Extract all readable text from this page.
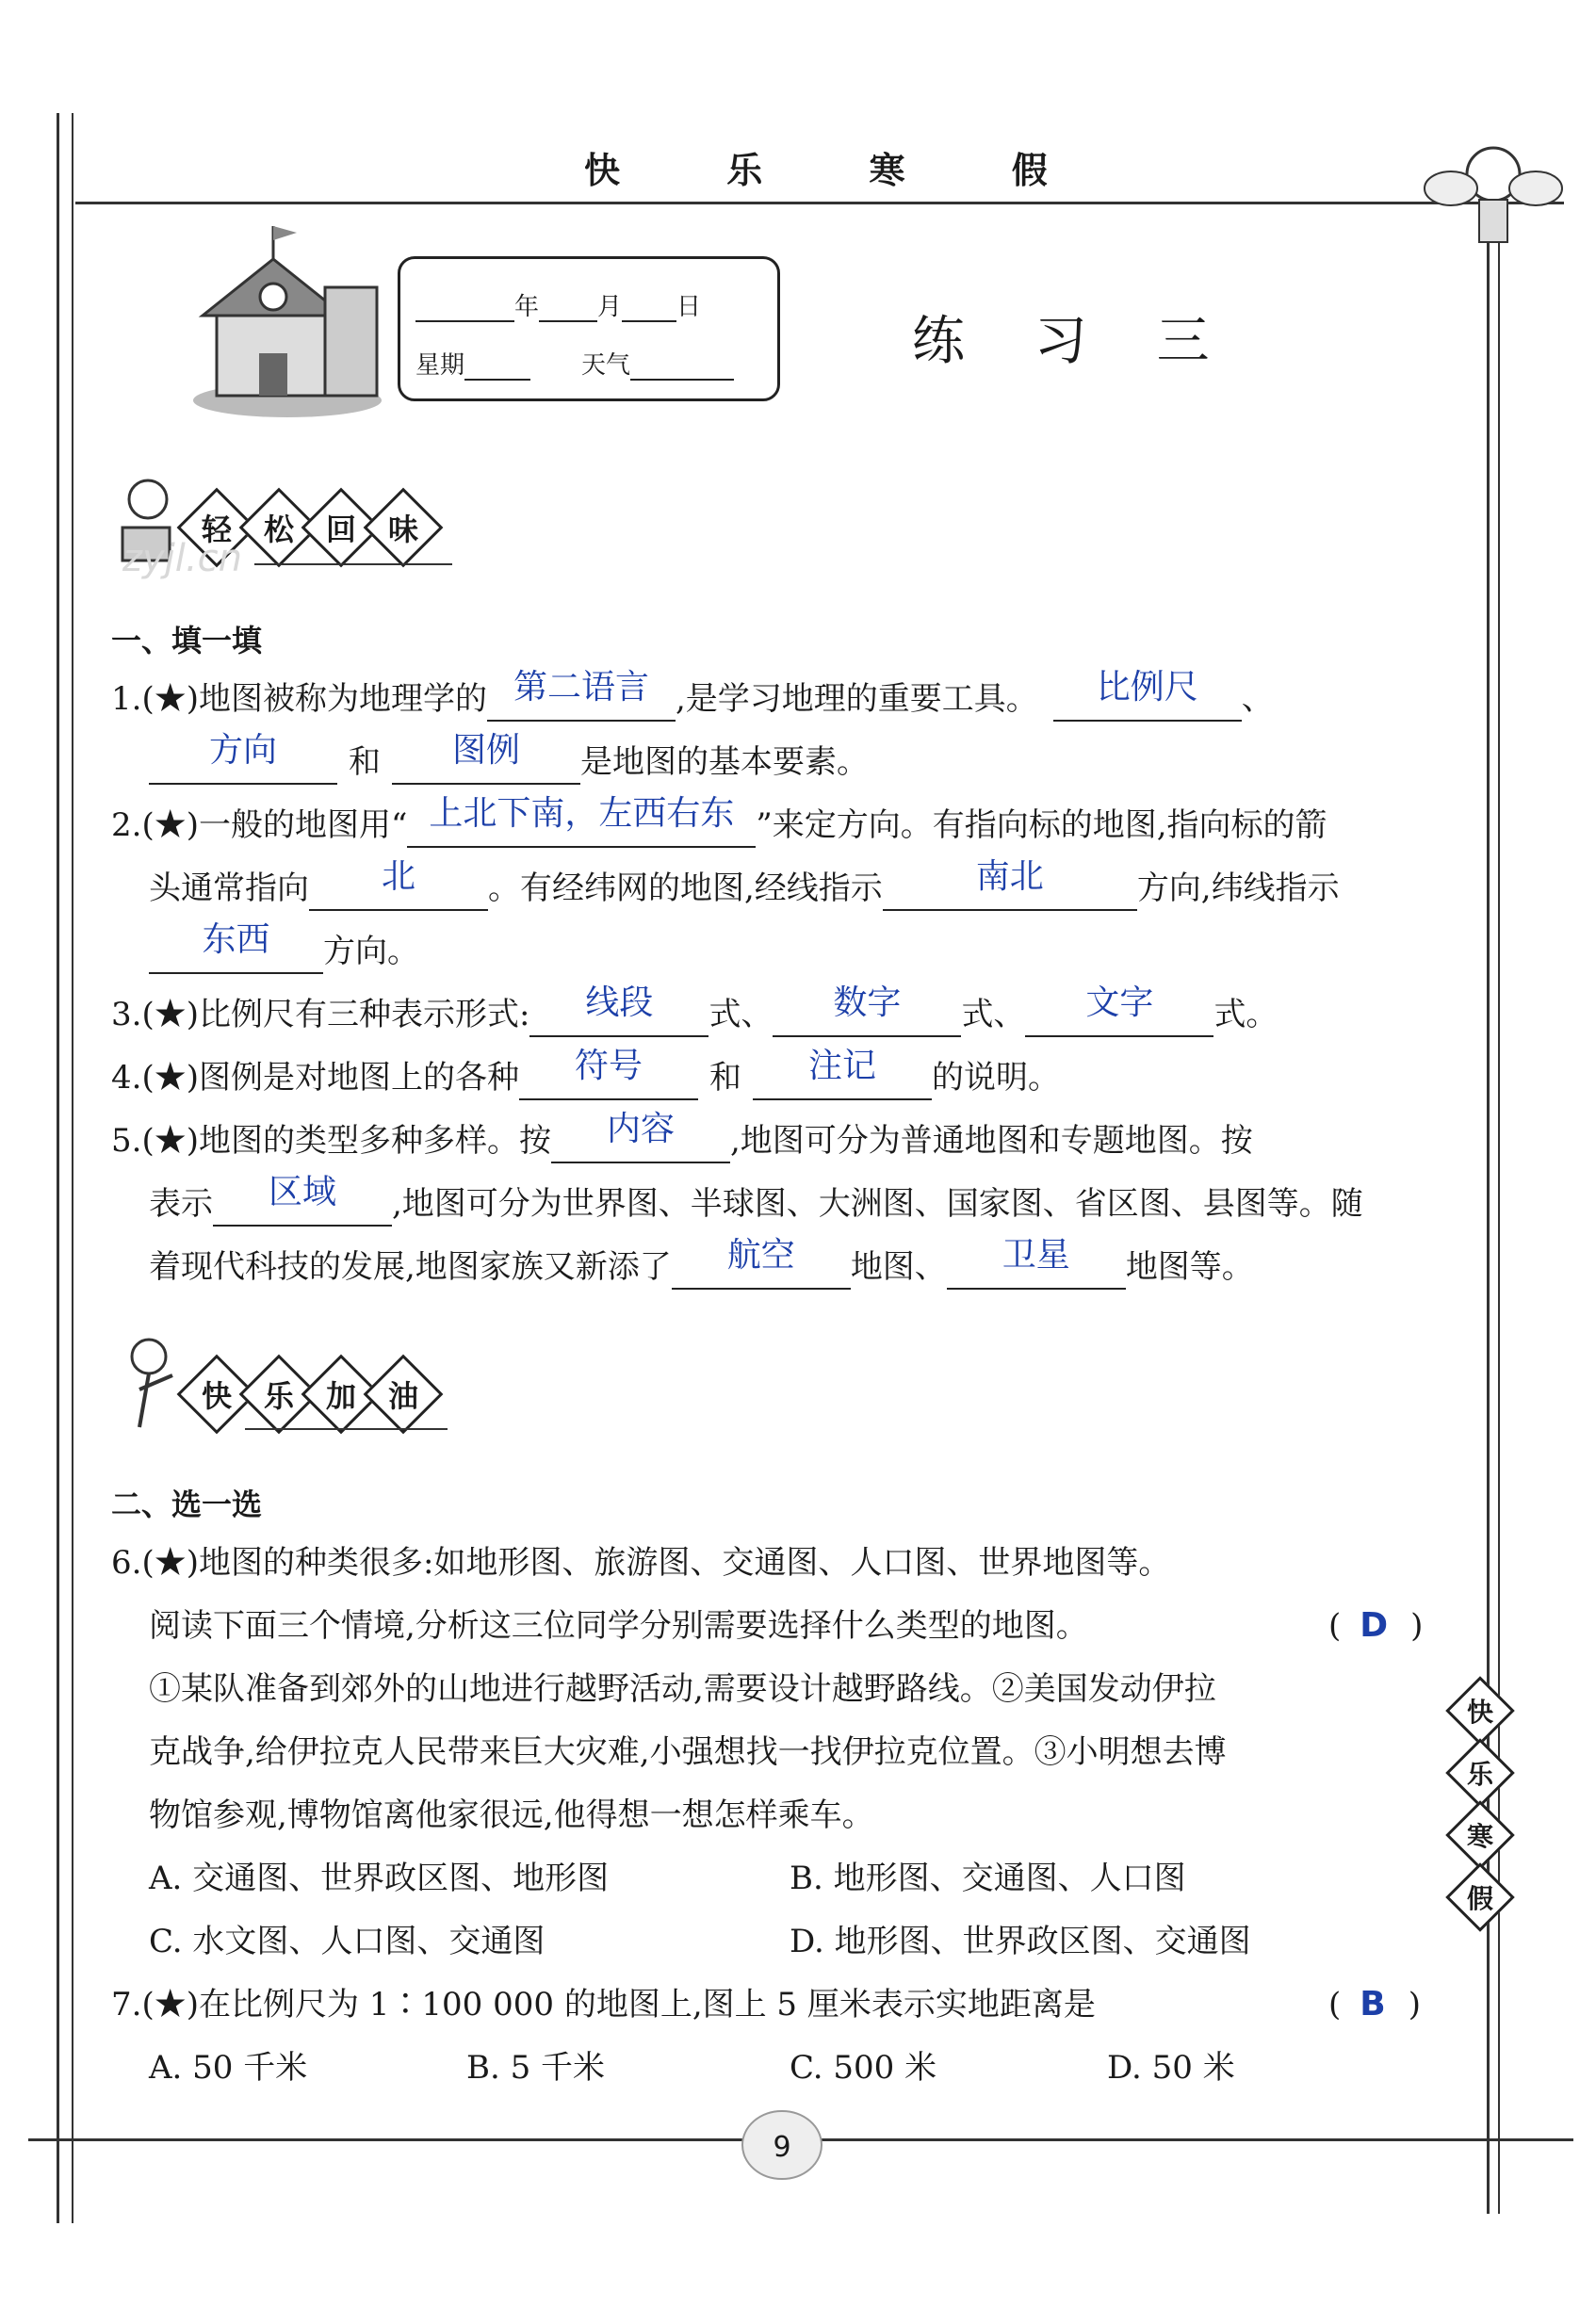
快 乐 寒 假
年 月 日
星期	天气	练 习 三
轻 松 回 味
zyjl.cn
一、填一填
1.(★)地图被称为地理学的 第二语言 ,是学习地理的重要工具。 比例尺 、
方向 和 图例 是地图的基本要素。
2.(★)一般的地图用“ 上北下南，左西右东 ”来定方向。有指向标的地图,指向标的箭
头通常指向 北 。有经纬网的地图,经线指示	南北	方向,纬线指示
东西 方向。
3.(★)比例尺有三种表示形式: 线段 式、 数字 式、 文字 式。
4.(★)图例是对地图上的各种 符号 和 注记 的说明。
5.(★)地图的类型多种多样。按 内容 ,地图可分为普通地图和专题地图。按
表示 区域 ,地图可分为世界图、半球图、大洲图、国家图、省区图、县图等。随
着现代科技的发展,地图家族又新添了 航空 地图、 卫星 地图等。
快 乐 加 油
二、选一选
6.(★)地图的种类很多:如地形图、旅游图、交通图、人口图、世界地图等。
阅读下面三个情境,分析这三位同学分别需要选择什么类型的地图。	( D )
①某队准备到郊外的山地进行越野活动,需要设计越野路线。②美国发动伊拉
克战争,给伊拉克人民带来巨大灾难,小强想找一找伊拉克位置。③小明想去博
物馆参观,博物馆离他家很远,他得想一想怎样乘车。
A. 交通图、世界政区图、地形图	B. 地形图、交通图、人口图
C. 水文图、人口图、交通图	D. 地形图、世界政区图、交通图
7.(★)在比例尺为 1∶100 000 的地图上,图上 5 厘米表示实地距离是	( B )
A. 50 千米	B. 5 千米	C. 500 米	D. 50 米
快
乐
寒
假
9
